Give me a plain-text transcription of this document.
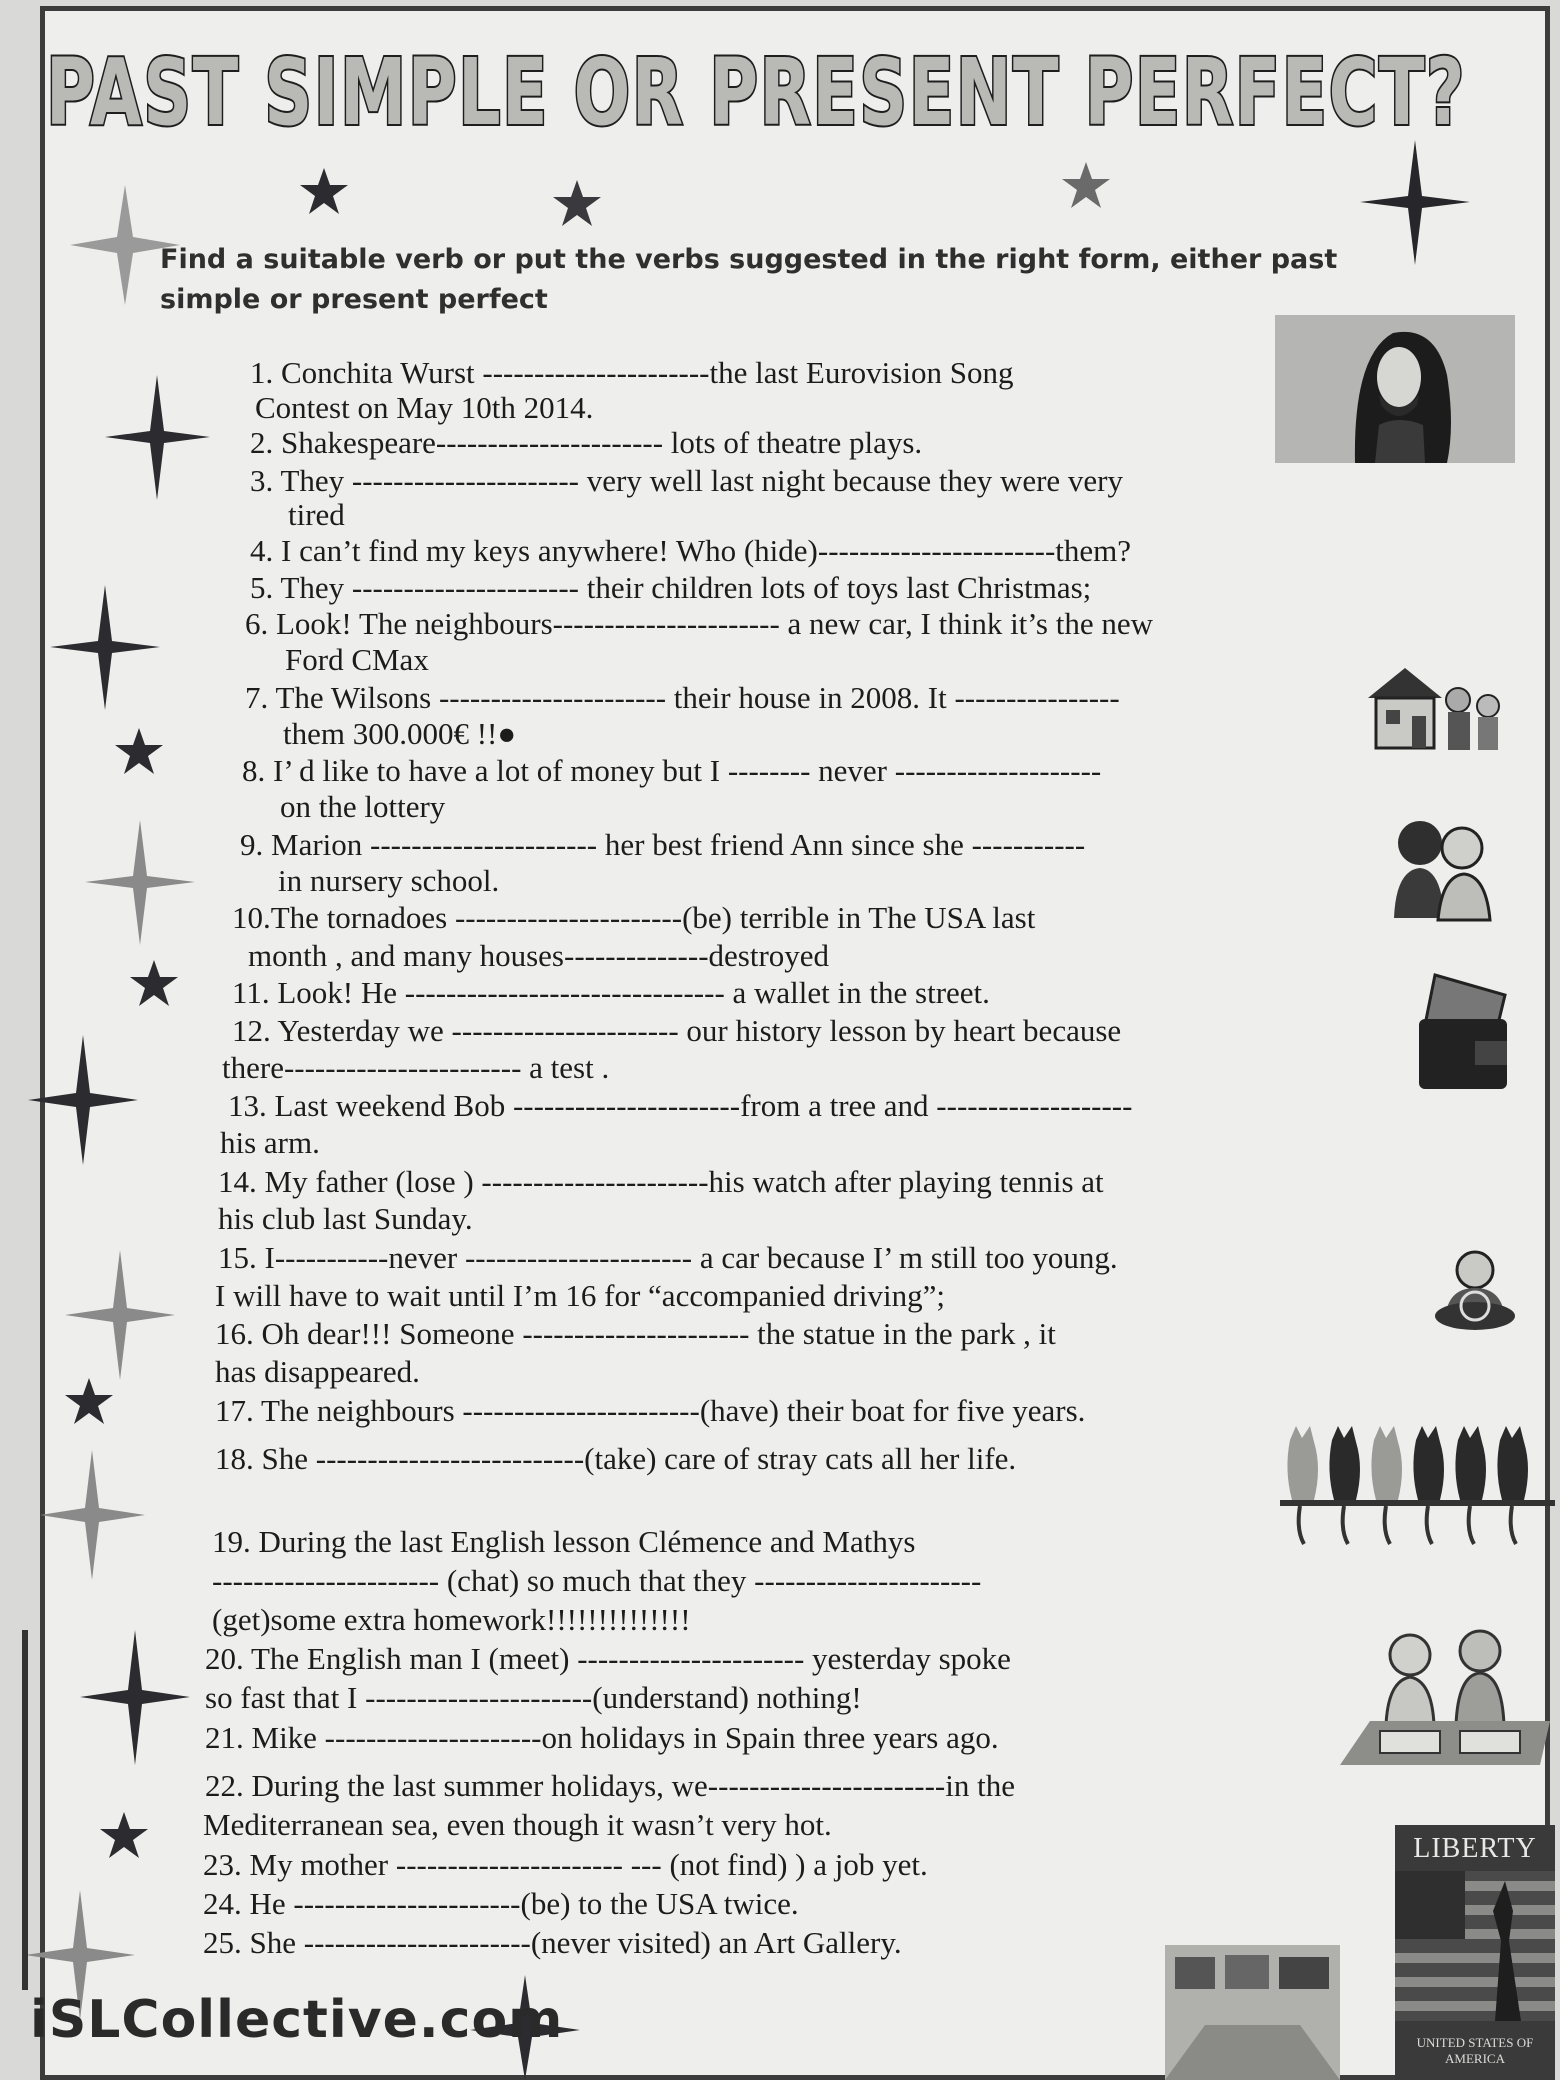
PAST SIMPLE OR PRESENT PERFECT?

Find a suitable verb or put the verbs suggested in the right form, either past simple or present perfect

1. Conchita Wurst ----------------------the last Eurovision Song

Contest on May 10th 2014.

2. Shakespeare---------------------- lots of theatre plays.

3. They ---------------------- very well last night because they were very

tired

4. I can’t find my keys anywhere! Who (hide)-----------------------them?

5. They ---------------------- their children lots of toys last Christmas;

6. Look! The neighbours---------------------- a new car, I think it’s the new

Ford CMax

7. The Wilsons ---------------------- their house in 2008. It ----------------

them 300.000€ !!●

8. I’ d like to have a lot of money but I -------- never --------------------

on the lottery

9. Marion ---------------------- her best friend Ann since she -----------

in nursery school.

10.The tornadoes ----------------------(be) terrible in The USA last

month , and many houses--------------destroyed

11. Look! He ------------------------------- a wallet in the street.

12. Yesterday we ---------------------- our history lesson by heart because

there----------------------- a test .

13. Last weekend Bob ----------------------from a tree and -------------------

his arm.

14. My father (lose ) ----------------------his watch after playing tennis at

his club last Sunday.

15. I-----------never ---------------------- a car because I’ m still too young.

I will have to wait until I’m 16 for “accompanied driving”;

16. Oh dear!!! Someone ---------------------- the statue in the park , it

has disappeared.

17. The neighbours -----------------------(have) their boat for five years.

18. She --------------------------(take) care of stray cats all her life.

19. During the last English lesson Clémence and Mathys

---------------------- (chat) so much that they ----------------------

(get)some extra homework!!!!!!!!!!!!!!

20. The English man I (meet) ---------------------- yesterday spoke

so fast that I ----------------------(understand) nothing!

21. Mike ---------------------on holidays in Spain three years ago.

22. During the last summer holidays, we-----------------------in the

Mediterranean sea, even though it wasn’t very hot.

23. My mother ---------------------- --- (not find) ) a job yet.

24. He ----------------------(be) to the USA twice.

25. She ----------------------(never visited) an Art Gallery.

LIBERTY
UNITED STATES OF AMERICA
iSLCollective.com
